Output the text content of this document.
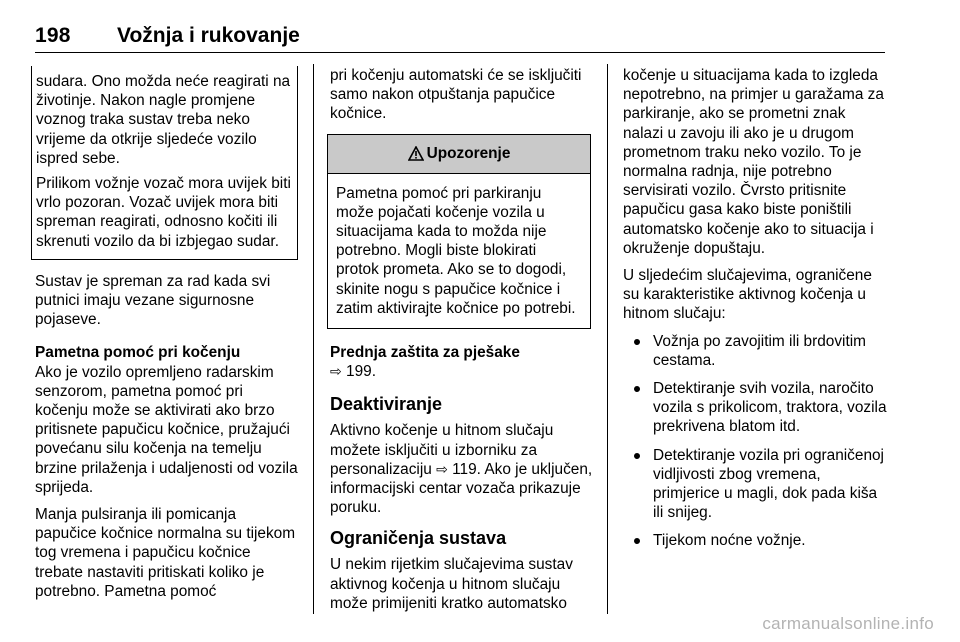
198 Vožnja i rukovanje

sudara. Ono možda neće reagirati na životinje. Nakon nagle promjene voznog traka sustav treba neko vrijeme da otkrije sljedeće vozilo ispred sebe.

Prilikom vožnje vozač mora uvijek biti vrlo pozoran. Vozač uvijek mora biti spreman reagirati, odnosno kočiti ili skrenuti vozilo da bi izbjegao sudar.

Sustav je spreman za rad kada svi putnici imaju vezane sigurnosne pojaseve.

Pametna pomoć pri kočenju

Ako je vozilo opremljeno radarskim senzorom, pametna pomoć pri kočenju može se aktivirati ako brzo pritisnete papučicu kočnice, pružajući povećanu silu kočenja na temelju brzine prilaženja i udaljenosti od vozila sprijeda.

Manja pulsiranja ili pomicanja papučice kočnice normalna su tijekom tog vremena i papučicu kočnice trebate nastaviti pritiskati koliko je potrebno. Pametna pomoć

pri kočenju automatski će se isključiti samo nakon otpuštanja papučice kočnice.

Upozorenje
Pametna pomoć pri parkiranju može pojačati kočenje vozila u situacijama kada to možda nije potrebno. Mogli biste blokirati protok prometa. Ako se to dogodi, skinite nogu s papučice kočnice i zatim aktivirajte kočnice po potrebi.

Prednja zaštita za pješake

⇨ 199.

Deaktiviranje

Aktivno kočenje u hitnom slučaju možete isključiti u izborniku za personalizaciju ⇨ 119. Ako je uključen, informacijski centar vozača prikazuje poruku.

Ograničenja sustava

U nekim rijetkim slučajevima sustav aktivnog kočenja u hitnom slučaju može primijeniti kratko automatsko

kočenje u situacijama kada to izgleda nepotrebno, na primjer u garažama za parkiranje, ako se prometni znak nalazi u zavoju ili ako je u drugom prometnom traku neko vozilo. To je normalna radnja, nije potrebno servisirati vozilo. Čvrsto pritisnite papučicu gasa kako biste poništili automatsko kočenje ako to situacija i okruženje dopuštaju.

U sljedećim slučajevima, ograničene su karakteristike aktivnog kočenja u hitnom slučaju:

Vožnja po zavojitim ili brdovitim cestama.
Detektiranje svih vozila, naročito vozila s prikolicom, traktora, vozila prekrivena blatom itd.
Detektiranje vozila pri ograničenoj vidljivosti zbog vremena, primjerice u magli, dok pada kiša ili snijeg.
Tijekom noćne vožnje.
carmanualsonline.info
